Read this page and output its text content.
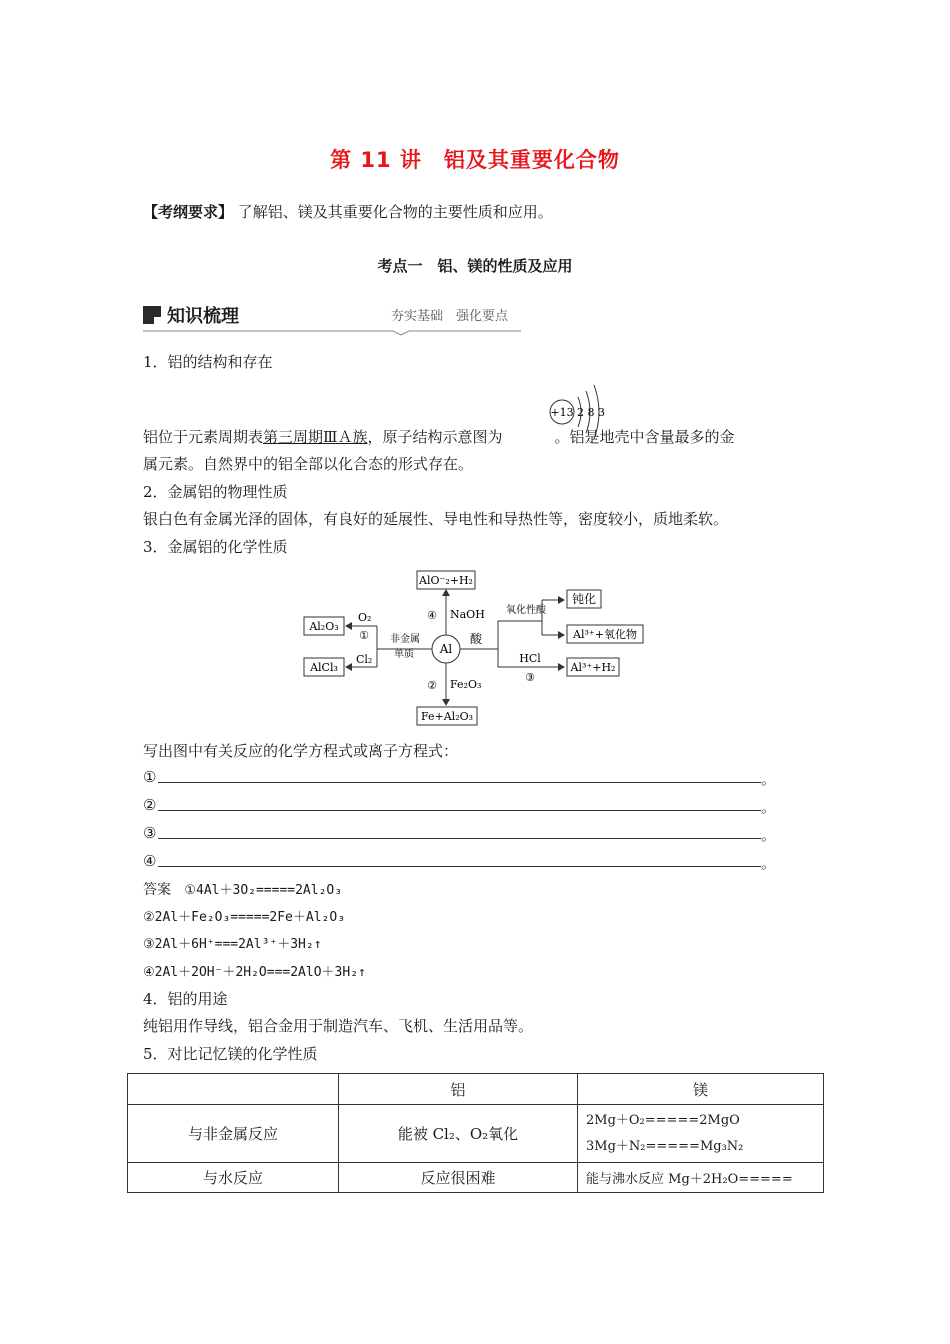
第 11 讲　铝及其重要化合物
【考纲要求】 了解铝、镁及其重要化合物的主要性质和应用。
考点一　铝、镁的性质及应用
知识梳理	夯实基础　强化要点
1．铝的结构和存在
+13 2 8 3
铝位于元素周期表第三周期ⅢＡ族，原子结构示意图为	。铝是地壳中含量最多的金
属元素。自然界中的铝全部以化合态的形式存在。
2．金属铝的物理性质
银白色有金属光泽的固体，有良好的延展性、导电性和导热性等，密度较小，质地柔软。
3．金属铝的化学性质
Al
AlO⁻₂+H₂
④ NaOH
Fe+Al₂O₃
② Fe₂O₃
非金属
单质
Al₂O₃
O₂
①
AlCl₃
Cl₂
酸
氧化性酸
钝化
Al³⁺+氧化物
HCl
③
Al³⁺+H₂
写出图中有关反应的化学方程式或离子方程式：
①	。
②	。
③	。
④	。
答案 ①4Al＋3O₂=====2Al₂O₃
②2Al＋Fe₂O₃=====2Fe＋Al₂O₃
③2Al＋6H⁺===2Al³⁺＋3H₂↑
④2Al＋2OH⁻＋2H₂O===2AlO＋3H₂↑
4．铝的用途
纯铝用作导线，铝合金用于制造汽车、飞机、生活用品等。
5．对比记忆镁的化学性质
	铝	镁
与非金属反应	能被 Cl₂、O₂氧化	2Mg＋O₂=====2MgO
3Mg＋N₂=====Mg₃N₂

与水反应	反应很困难	能与沸水反应 Mg＋2H₂O=====
